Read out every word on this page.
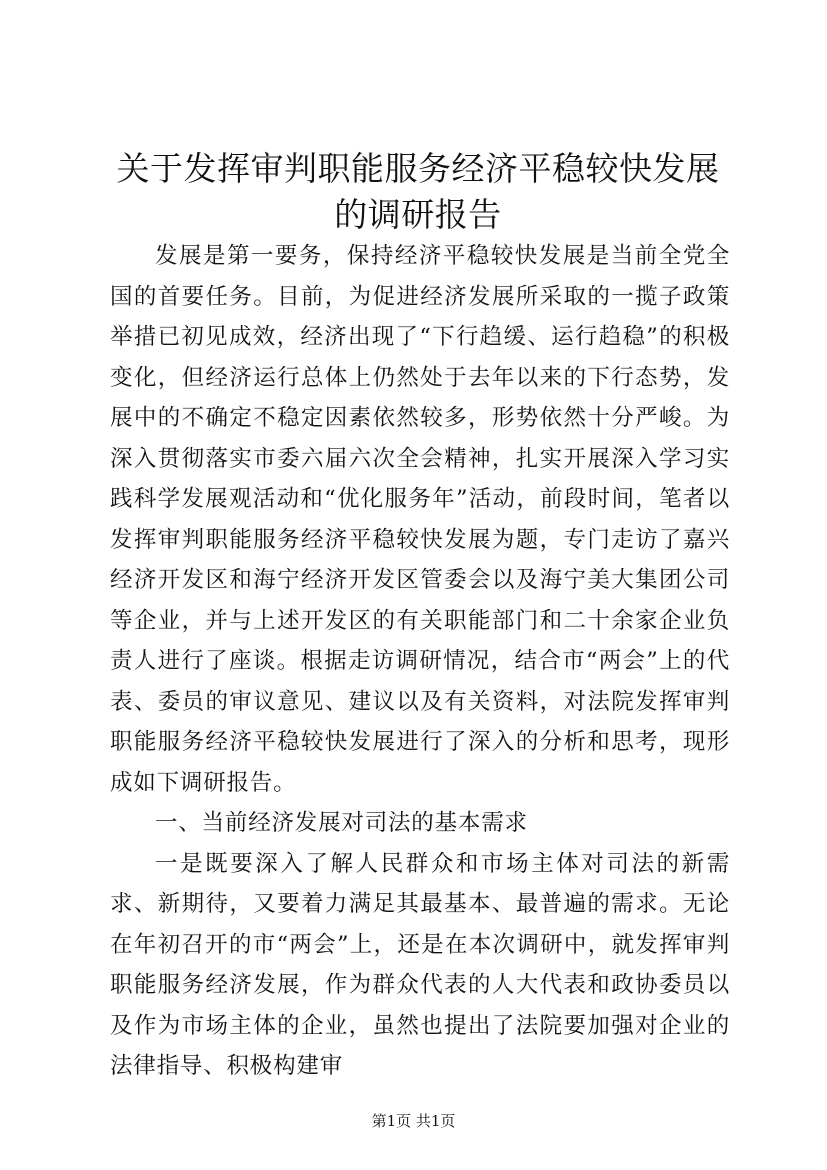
关于发挥审判职能服务经济平稳较快发展的调研报告

发展是第一要务，保持经济平稳较快发展是当前全党全国的首要任务。目前，为促进经济发展所采取的一揽子政策举措已初见成效，经济出现了“下行趋缓、运行趋稳”的积极变化，但经济运行总体上仍然处于去年以来的下行态势，发展中的不确定不稳定因素依然较多，形势依然十分严峻。为深入贯彻落实市委六届六次全会精神，扎实开展深入学习实践科学发展观活动和“优化服务年”活动，前段时间，笔者以发挥审判职能服务经济平稳较快发展为题，专门走访了嘉兴经济开发区和海宁经济开发区管委会以及海宁美大集团公司等企业，并与上述开发区的有关职能部门和二十余家企业负责人进行了座谈。根据走访调研情况，结合市“两会”上的代表、委员的审议意见、建议以及有关资料，对法院发挥审判职能服务经济平稳较快发展进行了深入的分析和思考，现形成如下调研报告。

一、当前经济发展对司法的基本需求

一是既要深入了解人民群众和市场主体对司法的新需求、新期待，又要着力满足其最基本、最普遍的需求。无论在年初召开的市“两会”上，还是在本次调研中，就发挥审判职能服务经济发展，作为群众代表的人大代表和政协委员以及作为市场主体的企业，虽然也提出了法院要加强对企业的法律指导、积极构建审

第1页 共1页
